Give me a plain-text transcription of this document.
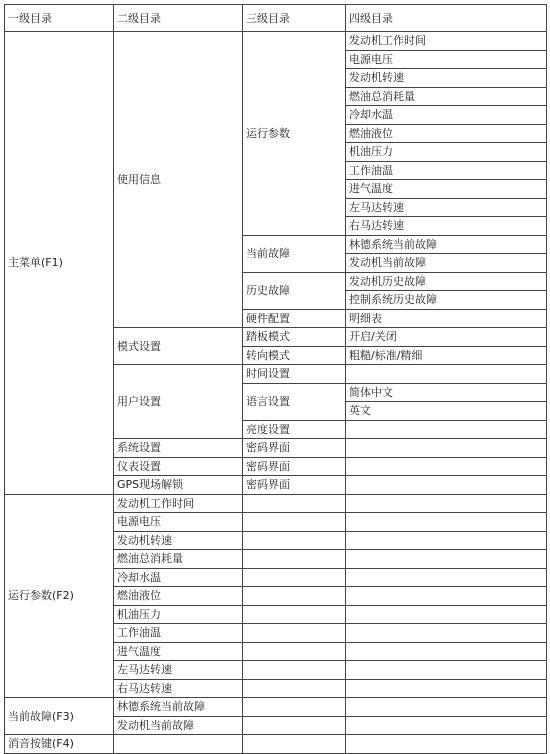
一级目录	二级目录	三级目录	四级目录
主菜单(F1)	使用信息	运行参数	发动机工作时间
			电源电压
			发动机转速
			燃油总消耗量
			冷却水温
			燃油液位
			机油压力
			工作油温
			进气温度
			左马达转速
			右马达转速
		当前故障	林德系统当前故障
			发动机当前故障
		历史故障	发动机历史故障
			控制系统历史故障
		硬件配置	明细表
	模式设置	踏板模式	开启/关闭
		转向模式	粗糙/标准/精细
	用户设置	时间设置	
		语言设置	简体中文
			英文
		亮度设置	
	系统设置	密码界面	
	仪表设置	密码界面	
	GPS现场解锁	密码界面	
运行参数(F2)	发动机工作时间		
	电源电压		
	发动机转速		
	燃油总消耗量		
	冷却水温		
	燃油液位		
	机油压力		
	工作油温		
	进气温度		
	左马达转速		
	右马达转速		
当前故障(F3)	林德系统当前故障		
	发动机当前故障		
消音按键(F4)			
